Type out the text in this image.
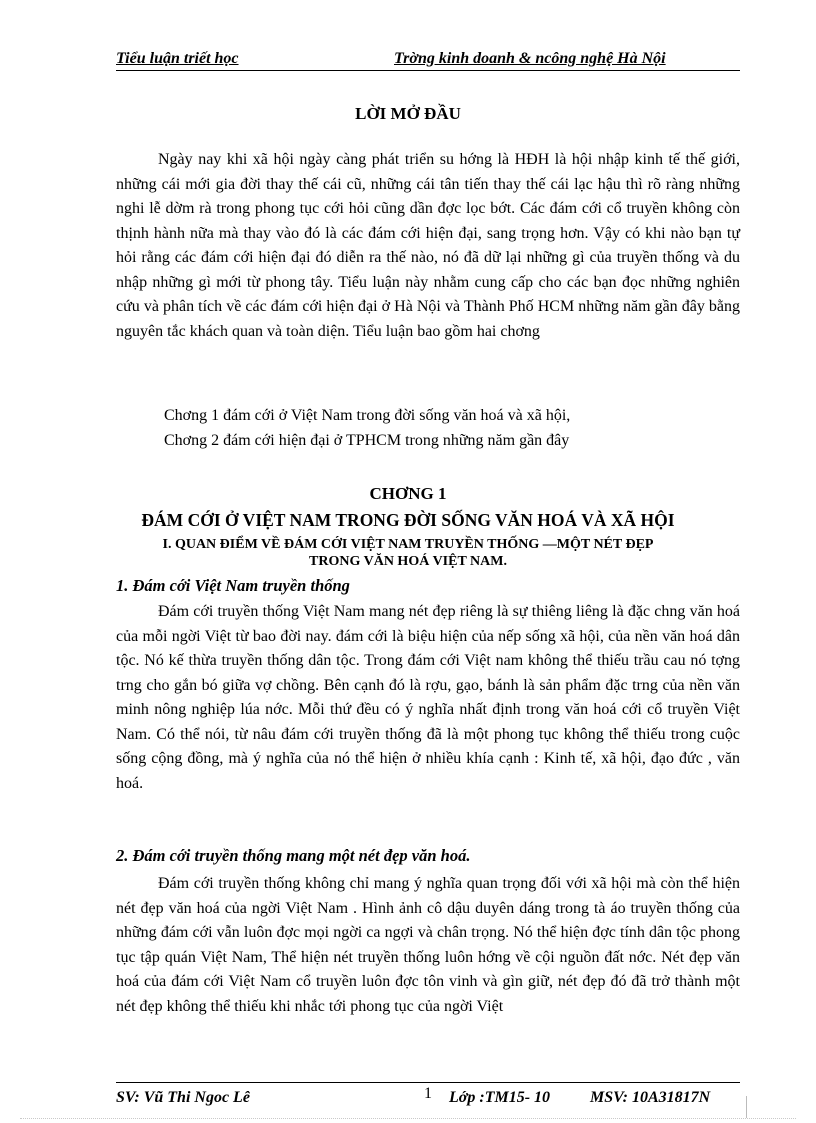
Tiểu luận triết học	Trờng kinh doanh & ncông nghệ Hà Nội
LỜI MỞ ĐẦU

Ngày nay khi xã hội ngày càng phát triển su hớng là HĐH là hội nhập kinh tế thế giới, những cái mới gia đời thay thế cái cũ, những cái tân tiến thay thế cái lạc hậu thì rõ ràng những nghi lễ dờm rà trong phong tục cới hỏi cũng dần đợc lọc bớt. Các đám cới cổ truyền không còn thịnh hành nữa mà thay vào đó là các đám cới hiện đại, sang trọng hơn. Vậy có khi nào bạn tự hỏi rằng các đám cới hiện đại đó diễn ra thế nào, nó đã dữ lại những gì của truyền thống và du nhập những gì mới từ phong tây. Tiểu luận này nhằm cung cấp cho các bạn đọc những nghiên cứu và phân tích về các đám cới hiện đại ở Hà Nội và Thành Phố HCM những năm gần đây bằng nguyên tắc khách quan và toàn diện. Tiểu luận bao gồm hai chơng

Chơng 1 đám cới ở Việt Nam trong đời sống văn hoá và xã hội,

Chơng 2 đám cới hiện đại ở TPHCM trong những năm gần đây

CHƠNG 1
ĐÁM CỚI Ở VIỆT NAM TRONG ĐỜI SỐNG VĂN HOÁ VÀ XÃ HỘI
I. QUAN ĐIỂM VỀ ĐÁM CỚI VIỆT NAM TRUYỀN THỐNG —MỘT NÉT ĐẸP
TRONG VĂN HOÁ VIỆT NAM.

1. Đám cới Việt Nam truyền thống

Đám cới truyền thống Việt Nam mang nét đẹp riêng là sự thiêng liêng là đặc chng văn hoá của mỗi ngời Việt từ bao đời nay. đám cới là biệu hiện của nếp sống xã hội, của nền văn hoá dân tộc. Nó kế thừa truyền thống dân tộc. Trong đám cới Việt nam không thể thiếu trầu cau nó tợng trng cho gắn bó giữa vợ chồng. Bên cạnh đó là rợu, gạo, bánh là sản phẩm đặc trng của nền văn minh nông nghiệp lúa nớc. Mỗi thứ đều có ý nghĩa nhất định trong văn hoá cới cổ truyền Việt Nam. Có thể nói, từ nâu đám cới truyền thống đã là một phong tục không thể thiếu trong cuộc sống cộng đồng, mà ý nghĩa của nó thể hiện ở nhiều khía cạnh : Kinh tế, xã hội, đạo đức , văn hoá.

2. Đám cới truyền thống mang một nét đẹp văn hoá.

Đám cới truyền thống không chỉ mang ý nghĩa quan trọng đối với xã hội mà còn thể hiện nét đẹp văn hoá của ngời Việt Nam . Hình ảnh cô dậu duyên dáng trong tà áo truyền thống của những đám cới vẫn luôn đợc mọi ngời ca ngợi và chân trọng. Nó thể hiện đợc tính dân tộc phong tục tập quán Việt Nam, Thể hiện nét truyền thống luôn hớng về cội nguồn đất nớc. Nét đẹp văn hoá của đám cới Việt Nam cổ truyền luôn đợc tôn vinh và gìn giữ, nét đẹp đó đã trở thành một nét đẹp không thể thiếu khi nhắc tới phong tục của ngời Việt

SV: Vũ Thi Ngoc Lê	1 Lớp :TM15- 10 MSV: 10A31817N
